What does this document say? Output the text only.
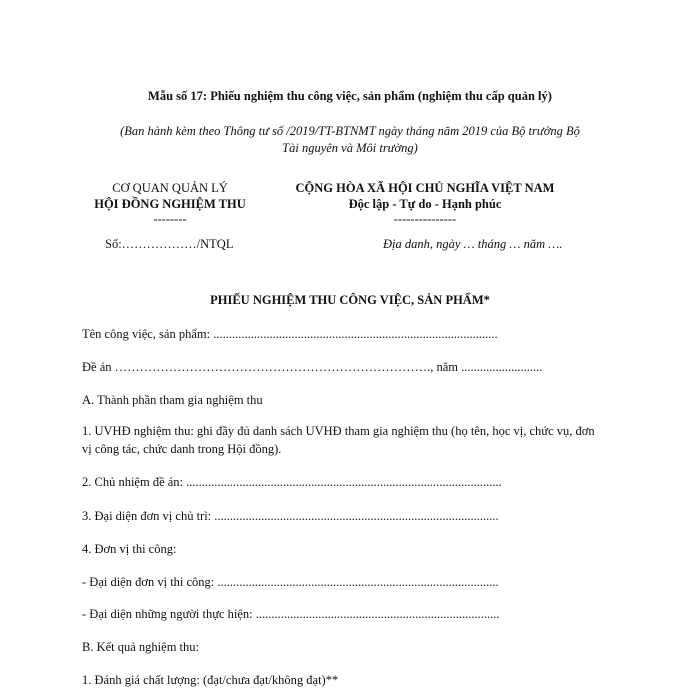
Mẫu số 17: Phiếu nghiệm thu công việc, sản phẩm (nghiệm thu cấp quản lý)
(Ban hành kèm theo Thông tư số /2019/TT-BTNMT ngày tháng năm 2019 của Bộ trưởng Bộ
Tài nguyên và Môi trường)
CƠ QUAN QUẢN LÝ
HỘI ĐỒNG NGHIỆM THU
--------
Số:………………/NTQL
CỘNG HÒA XÃ HỘI CHỦ NGHĨA VIỆT NAM
Độc lập - Tự do - Hạnh phúc
---------------
Địa danh, ngày … tháng … năm ….
PHIẾU NGHIỆM THU CÔNG VIỆC, SẢN PHẨM*
Tên công việc, sản phẩm: ...........................................................................................
Đề án …………………………………………………………………., năm ..........................
A. Thành phần tham gia nghiệm thu
1. UVHĐ nghiệm thu: ghi đầy đủ danh sách UVHĐ tham gia nghiệm thu (họ tên, học vị, chức vụ, đơn vị công tác, chức danh trong Hội đồng).
2. Chủ nhiệm đề án: .....................................................................................................
3. Đại diện đơn vị chủ trì: ...........................................................................................
4. Đơn vị thi công:
- Đại diện đơn vị thi công: ..........................................................................................
- Đại diện những người thực hiện: ..............................................................................
B. Kết quả nghiệm thu:
1. Đánh giá chất lượng: (đạt/chưa đạt/không đạt)**
